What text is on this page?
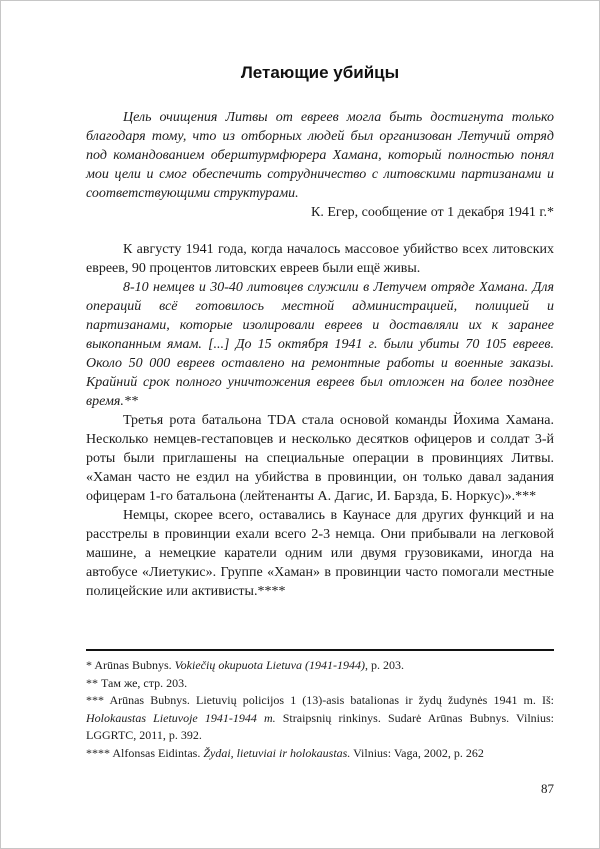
Летающие убийцы

Цель очищения Литвы от евреев могла быть достигнута только благодаря тому, что из отборных людей был организован Летучий отряд под командованием оберштурмфюрера Хамана, который полностью понял мои цели и смог обеспечить сотрудничество с литовскими партизанами и соответствующими структурами.

К. Егер, сообщение от 1 декабря 1941 г.*

К августу 1941 года, когда началось массовое убийство всех литовских евреев, 90 процентов литовских евреев были ещё живы.

8-10 немцев и 30-40 литовцев служили в Летучем отряде Хамана. Для операций всё готовилось местной администрацией, полицией и партизанами, которые изолировали евреев и доставляли их к заранее выкопанным ямам. [...] До 15 октября 1941 г. были убиты 70 105 евреев. Около 50 000 евреев оставлено на ремонтные работы и военные заказы. Крайний срок полного уничтожения евреев был отложен на более позднее время.**

Третья рота батальона TDA стала основой команды Йохима Хамана. Несколько немцев-гестаповцев и несколько десятков офицеров и солдат 3-й роты были приглашены на специальные операции в провинциях Литвы. «Хаман часто не ездил на убийства в провинции, он только давал задания офицерам 1-го батальона (лейтенанты А. Дагис, И. Барзда, Б. Норкус)».***

Немцы, скорее всего, оставались в Каунасе для других функций и на расстрелы в провинции ехали всего 2-3 немца. Они прибывали на легковой машине, а немецкие каратели одним или двумя грузовиками, иногда на автобусе «Лиетукис». Группе «Хаман» в провинции часто помогали местные полицейские или активисты.****

* Arūnas Bubnys. Vokiečių okupuota Lietuva (1941-1944), p. 203.

** Там же, стр. 203.

*** Arūnas Bubnys. Lietuvių policijos 1 (13)-asis batalionas ir žydų žudynės 1941 m. Iš: Holokaustas Lietuvoje 1941-1944 m. Straipsnių rinkinys. Sudarė Arūnas Bubnys. Vilnius: LGGRTC, 2011, p. 392.

**** Alfonsas Eidintas. Žydai, lietuviai ir holokaustas. Vilnius: Vaga, 2002, p. 262

87
